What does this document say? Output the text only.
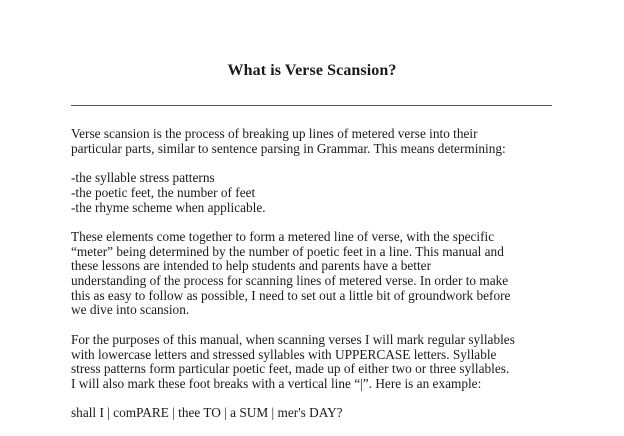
What is Verse Scansion?

Verse scansion is the process of breaking up lines of metered verse into their
particular parts, similar to sentence parsing in Grammar. This means determining:

-the syllable stress patterns
-the poetic feet, the number of feet
-the rhyme scheme when applicable.

These elements come together to form a metered line of verse, with the specific
“meter” being determined by the number of poetic feet in a line. This manual and
these lessons are intended to help students and parents have a better
understanding of the process for scanning lines of metered verse. In order to make
this as easy to follow as possible, I need to set out a little bit of groundwork before
we dive into scansion.

For the purposes of this manual, when scanning verses I will mark regular syllables
with lowercase letters and stressed syllables with UPPERCASE letters. Syllable
stress patterns form particular poetic feet, made up of either two or three syllables.
I will also mark these foot breaks with a vertical line “|”. Here is an example:

shall I | comPARE | thee TO | a SUM | mer's DAY?
